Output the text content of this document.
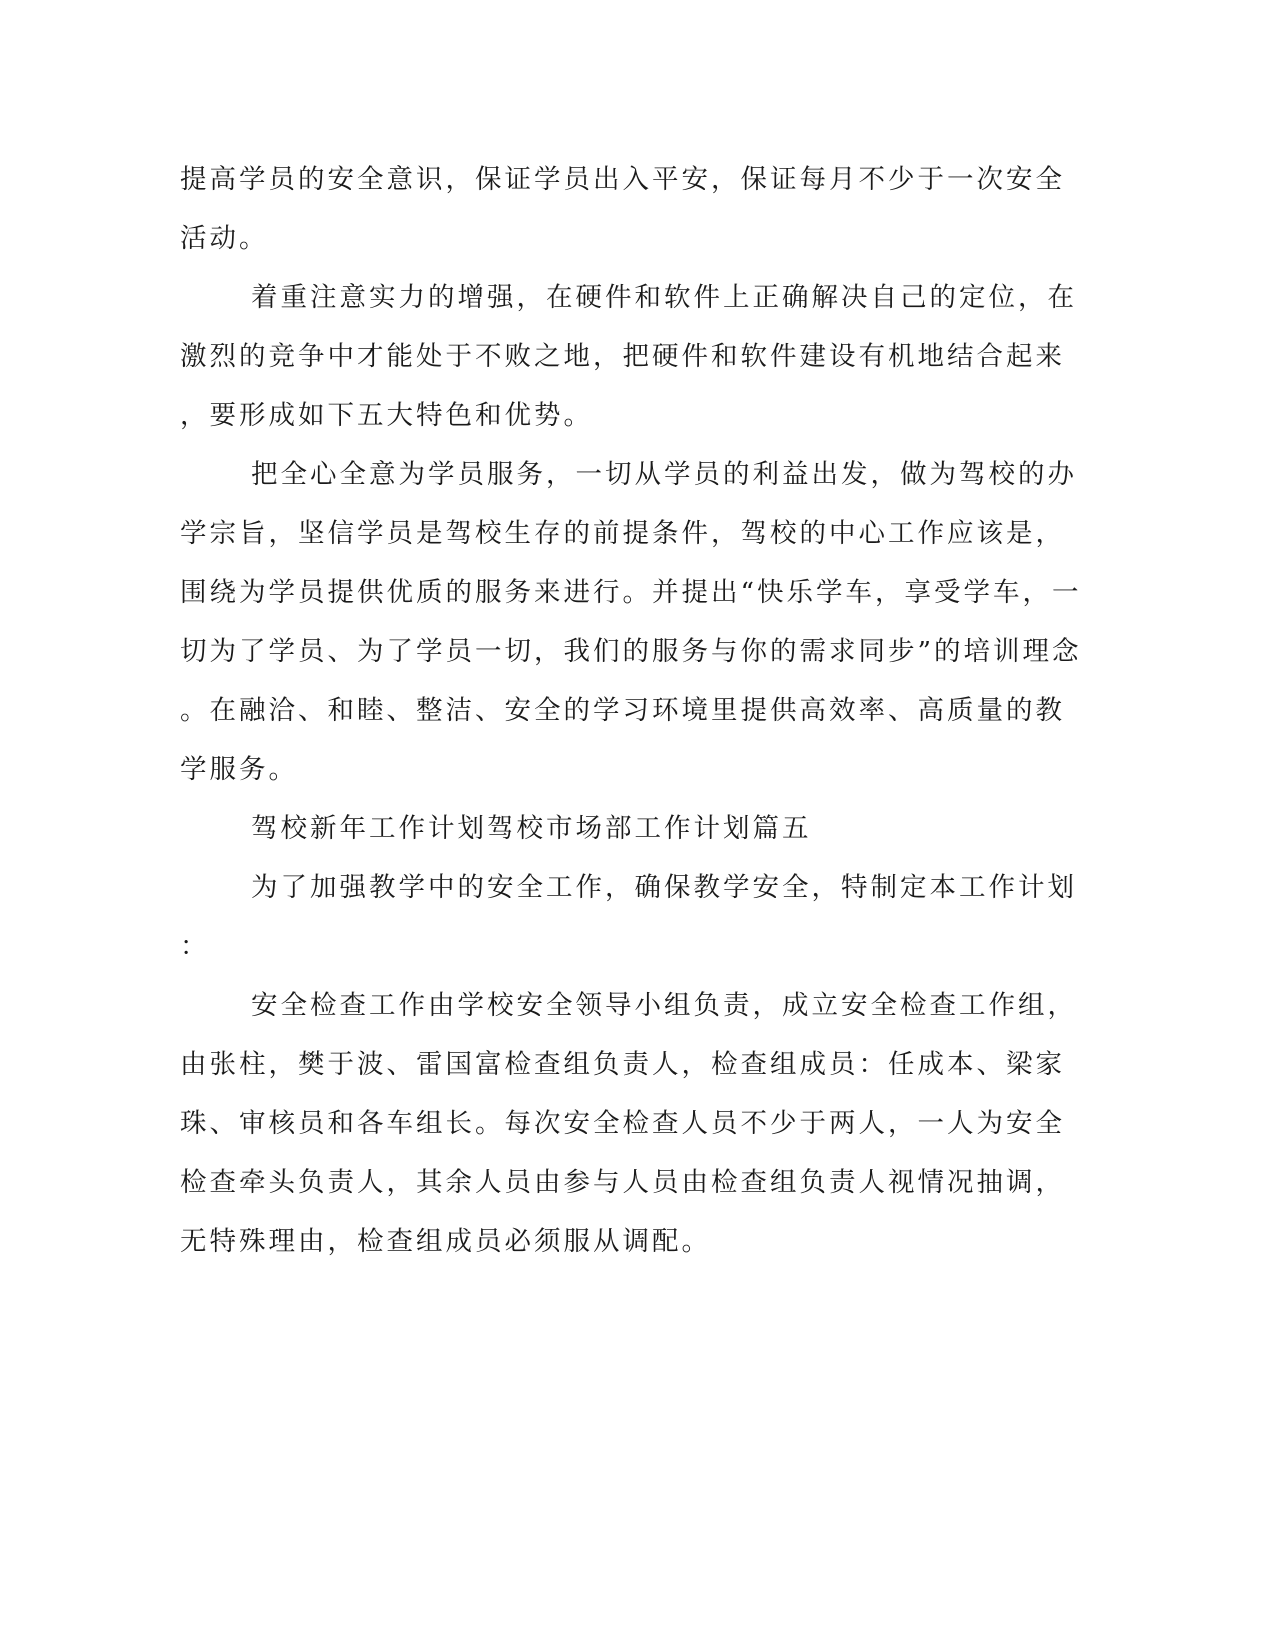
提高学员的安全意识，保证学员出入平安，保证每月不少于一次安全
活动。
着重注意实力的增强，在硬件和软件上正确解决自己的定位，在
激烈的竞争中才能处于不败之地，把硬件和软件建设有机地结合起来
，要形成如下五大特色和优势。
把全心全意为学员服务，一切从学员的利益出发，做为驾校的办
学宗旨，坚信学员是驾校生存的前提条件，驾校的中心工作应该是，
围绕为学员提供优质的服务来进行。并提出“快乐学车，享受学车，一
切为了学员、为了学员一切，我们的服务与你的需求同步”的培训理念
。在融洽、和睦、整洁、安全的学习环境里提供高效率、高质量的教
学服务。
驾校新年工作计划驾校市场部工作计划篇五
为了加强教学中的安全工作，确保教学安全，特制定本工作计划
：
安全检查工作由学校安全领导小组负责，成立安全检查工作组，
由张柱，樊于波、雷国富检查组负责人，检查组成员：任成本、梁家
珠、审核员和各车组长。每次安全检查人员不少于两人，一人为安全
检查牵头负责人，其余人员由参与人员由检查组负责人视情况抽调，
无特殊理由，检查组成员必须服从调配。
